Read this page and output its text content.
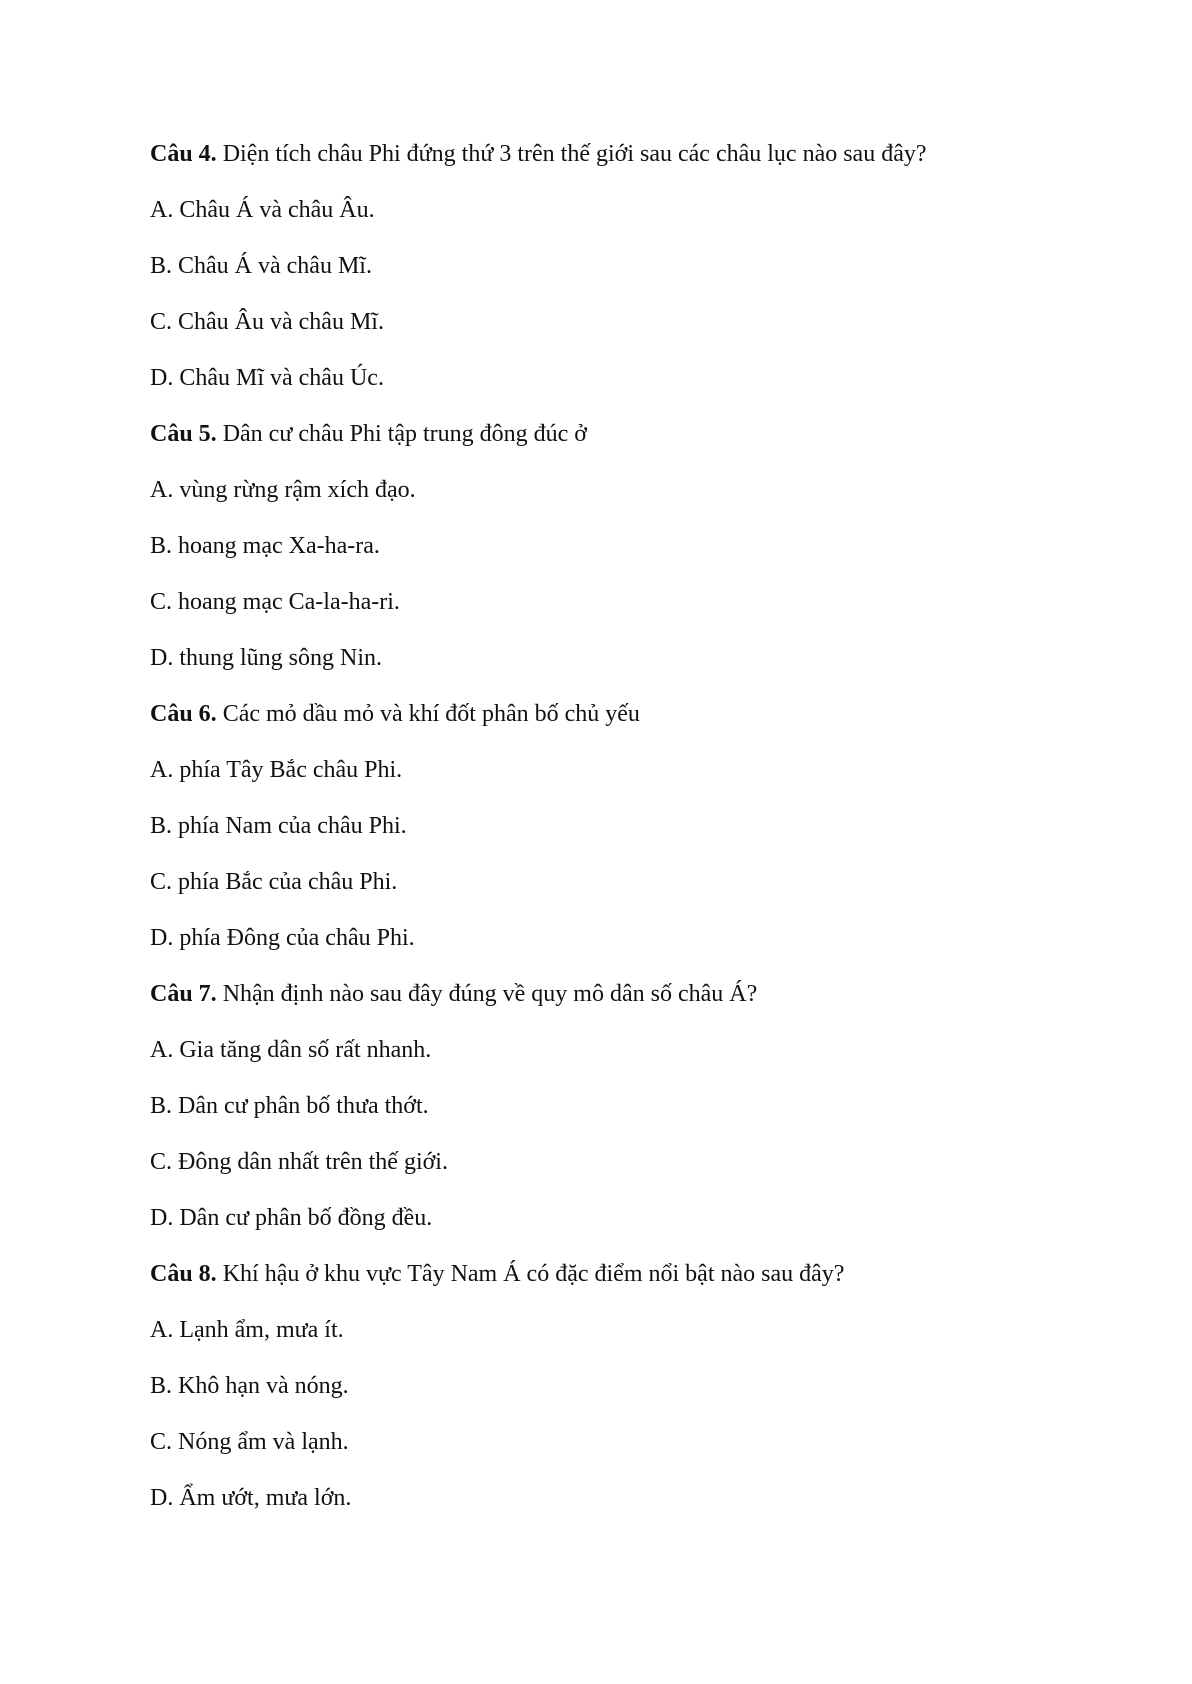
Câu 4. Diện tích châu Phi đứng thứ 3 trên thế giới sau các châu lục nào sau đây?
A. Châu Á và châu Âu.
B. Châu Á và châu Mĩ.
C. Châu Âu và châu Mĩ.
D. Châu Mĩ và châu Úc.
Câu 5. Dân cư châu Phi tập trung đông đúc ở
A. vùng rừng rậm xích đạo.
B. hoang mạc Xa-ha-ra.
C. hoang mạc Ca-la-ha-ri.
D. thung lũng sông Nin.
Câu 6. Các mỏ dầu mỏ và khí đốt phân bố chủ yếu
A. phía Tây Bắc châu Phi.
B. phía Nam của châu Phi.
C. phía Bắc của châu Phi.
D. phía Đông của châu Phi.
Câu 7. Nhận định nào sau đây đúng về quy mô dân số châu Á?
A. Gia tăng dân số rất nhanh.
B. Dân cư phân bố thưa thớt.
C. Đông dân nhất trên thế giới.
D. Dân cư phân bố đồng đều.
Câu 8. Khí hậu ở khu vực Tây Nam Á có đặc điểm nổi bật nào sau đây?
A. Lạnh ẩm, mưa ít.
B. Khô hạn và nóng.
C. Nóng ẩm và lạnh.
D. Ẩm ướt, mưa lớn.
